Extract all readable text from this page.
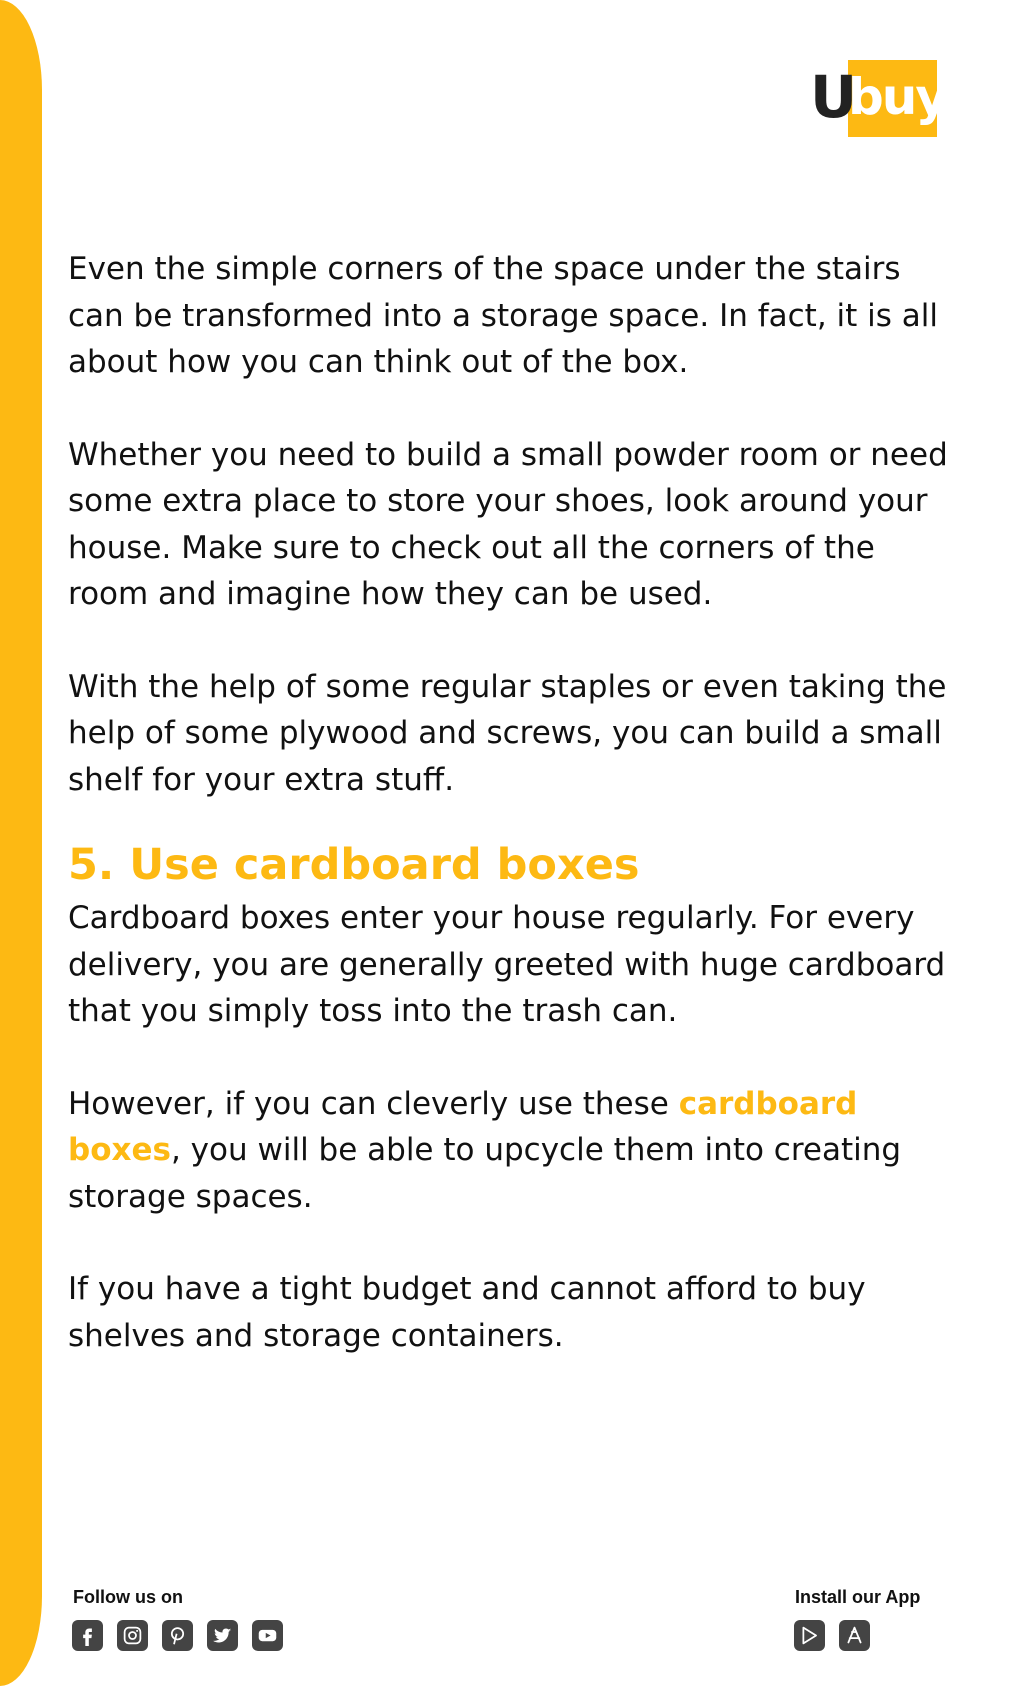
U
buy

Even the simple corners of the space under the stairs can be transformed into a storage space. In fact, it is all about how you can think out of the box.

Whether you need to build a small powder room or need some extra place to store your shoes, look around your house. Make sure to check out all the corners of the room and imagine how they can be used.

With the help of some regular staples or even taking the help of some plywood and screws, you can build a small shelf for your extra stuff.

5. Use cardboard boxes

Cardboard boxes enter your house regularly. For every delivery, you are generally greeted with huge cardboard that you simply toss into the trash can.

However, if you can cleverly use these cardboard boxes, you will be able to upcycle them into creating storage spaces.

If you have a tight budget and cannot afford to buy shelves and storage containers.

Follow us on	Install our App
